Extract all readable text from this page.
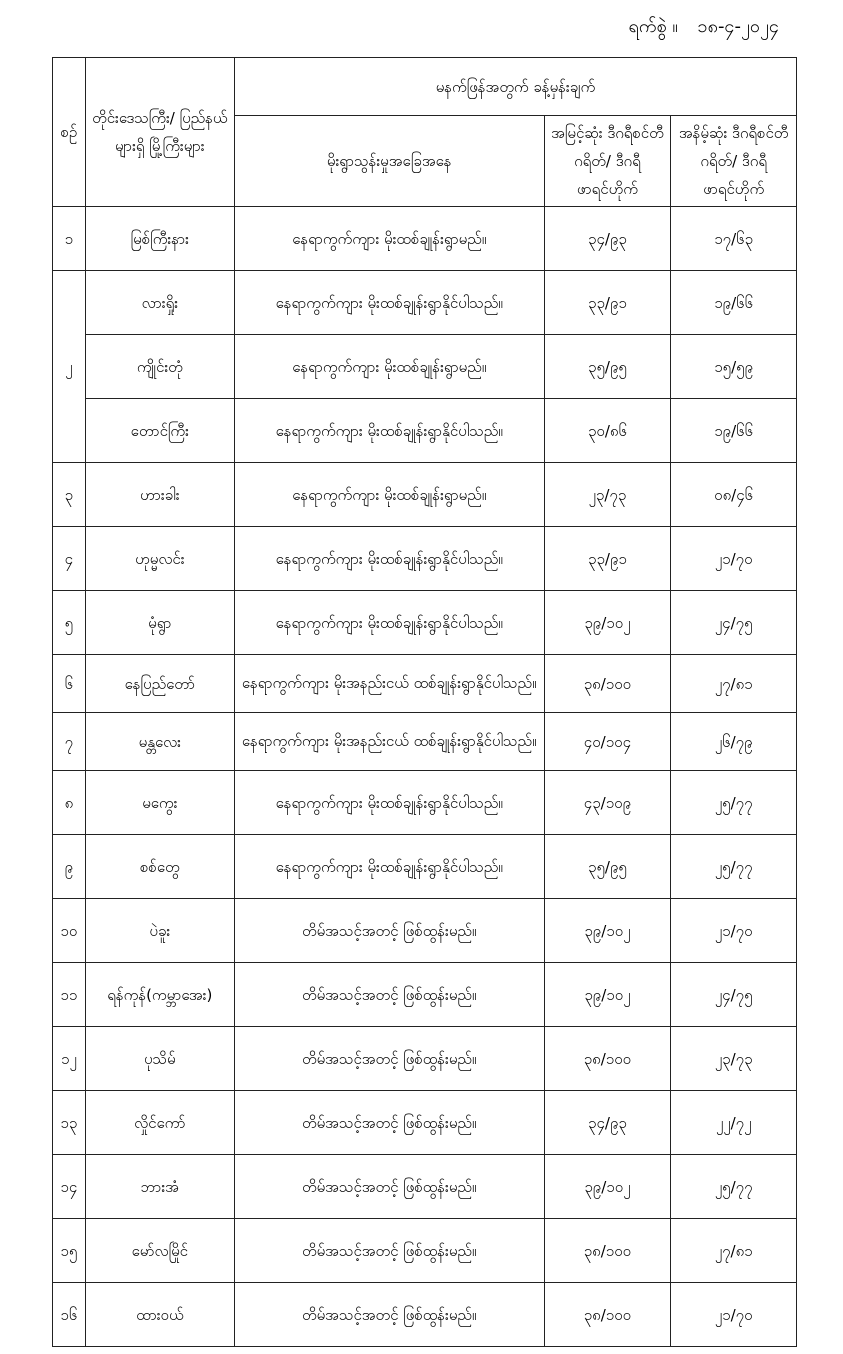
ရက်စွဲ ။ ၁၈-၄-၂၀၂၄
စဉ်	တိုင်းဒေသကြီး/ ပြည်နယ်များရှိ မြို့ကြီးများ	မနက်ဖြန်အတွက် ခန့်မှန်းချက်		
		မိုးရွာသွန်းမှုအခြေအနေ	အမြင့်ဆုံး ဒီဂရီစင်တီဂရိတ်/ ဒီဂရီဖာရင်ဟိုက်	အနိမ့်ဆုံး ဒီဂရီစင်တီဂရိတ်/ ဒီဂရီဖာရင်ဟိုက်
၁	မြစ်ကြီးနား	နေရာကွက်ကျား မိုးထစ်ချုန်းရွာမည်။	၃၄/၉၃	၁၇/၆၃
၂	လားရှိုး	နေရာကွက်ကျား မိုးထစ်ချုန်းရွာနိုင်ပါသည်။	၃၃/၉၁	၁၉/၆၆
	ကျိုင်းတုံ	နေရာကွက်ကျား မိုးထစ်ချုန်းရွာမည်။	၃၅/၉၅	၁၅/၅၉
	တောင်ကြီး	နေရာကွက်ကျား မိုးထစ်ချုန်းရွာနိုင်ပါသည်။	၃၀/၈၆	၁၉/၆၆
၃	ဟားခါး	နေရာကွက်ကျား မိုးထစ်ချုန်းရွာမည်။	၂၃/၇၃	၀၈/၄၆
၄	ဟုမ္မလင်း	နေရာကွက်ကျား မိုးထစ်ချုန်းရွာနိုင်ပါသည်။	၃၃/၉၁	၂၁/၇၀
၅	မုံရွာ	နေရာကွက်ကျား မိုးထစ်ချုန်းရွာနိုင်ပါသည်။	၃၉/၁၀၂	၂၄/၇၅
၆	နေပြည်တော်	နေရာကွက်ကျား မိုးအနည်းငယ် ထစ်ချုန်းရွာနိုင်ပါသည်။	၃၈/၁၀၀	၂၇/၈၁
၇	မန္တလေး	နေရာကွက်ကျား မိုးအနည်းငယ် ထစ်ချုန်းရွာနိုင်ပါသည်။	၄၀/၁၀၄	၂၆/၇၉
၈	မကွေး	နေရာကွက်ကျား မိုးထစ်ချုန်းရွာနိုင်ပါသည်။	၄၃/၁၀၉	၂၅/၇၇
၉	စစ်တွေ	နေရာကွက်ကျား မိုးထစ်ချုန်းရွာနိုင်ပါသည်။	၃၅/၉၅	၂၅/၇၇
၁၀	ပဲခူး	တိမ်အသင့်အတင့် ဖြစ်ထွန်းမည်။	၃၉/၁၀၂	၂၁/၇၀
၁၁	ရန်ကုန်(ကမ္ဘာအေး)	တိမ်အသင့်အတင့် ဖြစ်ထွန်းမည်။	၃၉/၁၀၂	၂၄/၇၅
၁၂	ပုသိမ်	တိမ်အသင့်အတင့် ဖြစ်ထွန်းမည်။	၃၈/၁၀၀	၂၃/၇၃
၁၃	လှိုင်ကော်	တိမ်အသင့်အတင့် ဖြစ်ထွန်းမည်။	၃၄/၉၃	၂၂/၇၂
၁၄	ဘားအံ	တိမ်အသင့်အတင့် ဖြစ်ထွန်းမည်။	၃၉/၁၀၂	၂၅/၇၇
၁၅	မော်လမြိုင်	တိမ်အသင့်အတင့် ဖြစ်ထွန်းမည်။	၃၈/၁၀၀	၂၇/၈၁
၁၆	ထားဝယ်	တိမ်အသင့်အတင့် ဖြစ်ထွန်းမည်။	၃၈/၁၀၀	၂၁/၇၀
